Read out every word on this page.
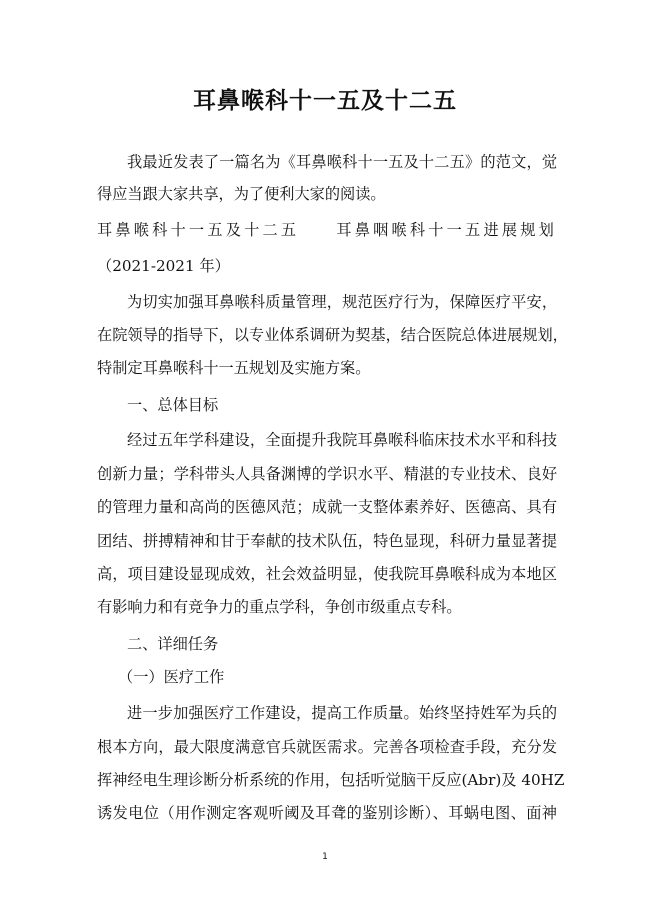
耳鼻喉科十一五及十二五
我最近发表了一篇名为《耳鼻喉科十一五及十二五》的范文，觉
得应当跟大家共享，为了便利大家的阅读。
耳鼻喉科十一五及十二五 耳鼻咽喉科十一五进展规划
（2021-2021 年）
为切实加强耳鼻喉科质量管理，规范医疗行为，保障医疗平安，
在院领导的指导下，以专业体系调研为契基，结合医院总体进展规划，
特制定耳鼻喉科十一五规划及实施方案。
一、总体目标
经过五年学科建设，全面提升我院耳鼻喉科临床技术水平和科技
创新力量；学科带头人具备渊博的学识水平、精湛的专业技术、良好
的管理力量和高尚的医德风范；成就一支整体素养好、医德高、具有
团结、拼搏精神和甘于奉献的技术队伍，特色显现，科研力量显著提
高，项目建设显现成效，社会效益明显，使我院耳鼻喉科成为本地区
有影响力和有竞争力的重点学科，争创市级重点专科。
二、详细任务
（一）医疗工作
进一步加强医疗工作建设，提高工作质量。始终坚持姓军为兵的
根本方向，最大限度满意官兵就医需求。完善各项检查手段，充分发
挥神经电生理诊断分析系统的作用，包括听觉脑干反应(Abr)及 40HZ
诱发电位（用作测定客观听阈及耳聋的鉴别诊断）、耳蜗电图、面神
1
